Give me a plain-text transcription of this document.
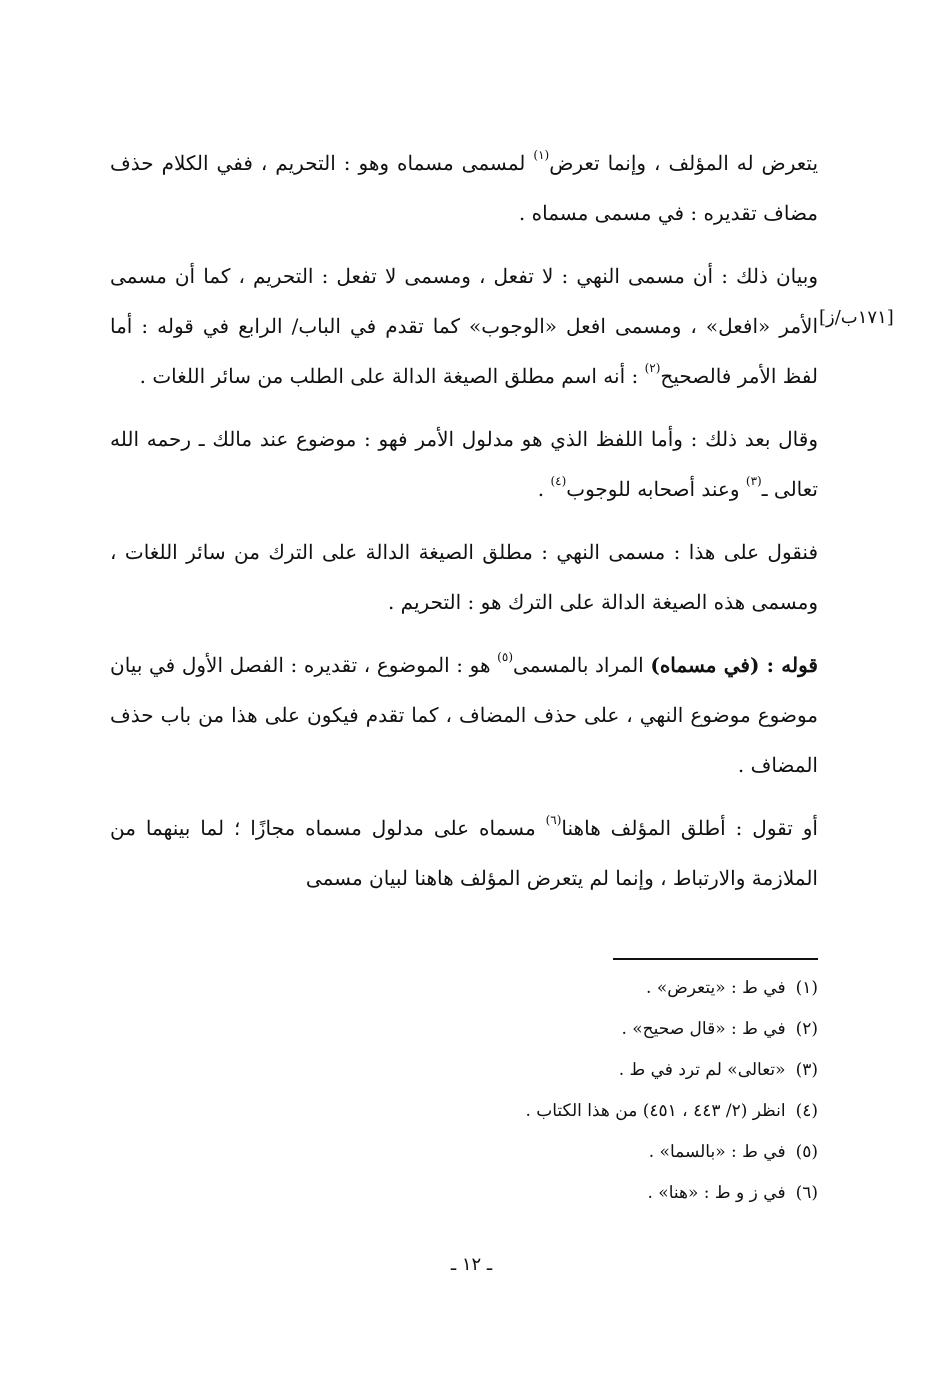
[١٧١ب/ز]

يتعرض له المؤلف ، وإنما تعرض$^{(١)}$ لمسمى مسماه وهو : التحريم ، ففي الكلام حذف مضاف تقديره : في مسمى مسماه .

وبيان ذلك : أن مسمى النهي : لا تفعل ، ومسمى لا تفعل : التحريم ، كما أن مسمى الأمر «افعل» ، ومسمى افعل «الوجوب» كما تقدم في الباب/ الرابع في قوله : أما لفظ الأمر فالصحيح$^{(٢)}$ : أنه اسم مطلق الصيغة الدالة على الطلب من سائر اللغات .

وقال بعد ذلك : وأما اللفظ الذي هو مدلول الأمر فهو : موضوع عند مالك ـ رحمه الله تعالى ـ$^{(٣)}$ وعند أصحابه للوجوب$^{(٤)}$ .

فنقول على هذا : مسمى النهي : مطلق الصيغة الدالة على الترك من سائر اللغات ، ومسمى هذه الصيغة الدالة على الترك هو : التحريم .

قوله : (في مسماه) المراد بالمسمى$^{(٥)}$ هو : الموضوع ، تقديره : الفصل الأول في بيان موضوع موضوع النهي ، على حذف المضاف ، كما تقدم فيكون على هذا من باب حذف المضاف .

أو تقول : أطلق المؤلف هاهنا$^{(٦)}$ مسماه على مدلول مسماه مجازًا ؛ لما بينهما من الملازمة والارتباط ، وإنما لم يتعرض المؤلف هاهنا لبيان مسمى

(١)في ط : «يتعرض» .
(٢)في ط : «قال صحيح» .
(٣)«تعالى» لم ترد في ط .
(٤)انظر (٢/ ٤٤٣ ، ٤٥١) من هذا الكتاب .
(٥)في ط : «بالسما» .
(٦)في ز و ط : «هنا» .
ـ ١٢ ـ
